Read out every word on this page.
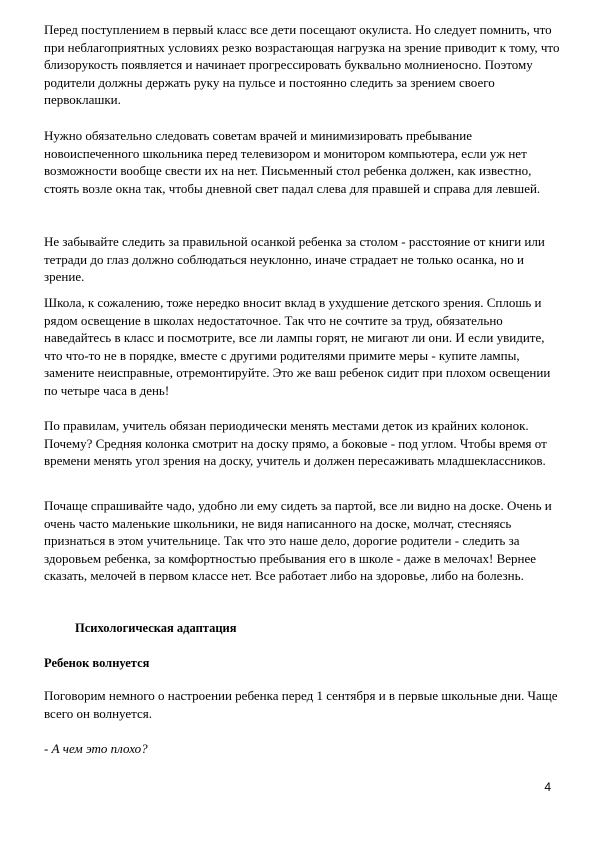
Перед поступлением в первый класс все дети посещают окулиста. Но следует помнить, что при неблагоприятных условиях резко возрастающая нагрузка на зрение приводит к тому, что близорукость появляется и начинает прогрессировать буквально молниеносно. Поэтому родители должны держать руку на пульсе и постоянно следить за зрением своего первоклашки.

Нужно обязательно следовать советам врачей и минимизировать пребывание новоиспеченного школьника перед телевизором и монитором компьютера, если уж нет возможности вообще свести их на нет. Письменный стол ребенка должен, как известно, стоять возле окна так, чтобы дневной свет падал слева для правшей и справа для левшей.

Не забывайте следить за правильной осанкой ребенка за столом - расстояние от книги или тетради до глаз должно соблюдаться неуклонно, иначе страдает не только осанка, но и зрение.

Школа, к сожалению, тоже нередко вносит вклад в ухудшение детского зрения. Сплошь и рядом освещение в школах недостаточное. Так что не сочтите за труд, обязательно наведайтесь в класс и посмотрите, все ли лампы горят, не мигают ли они. И если увидите, что что-то не в порядке, вместе с другими родителями примите меры - купите лампы, замените неисправные, отремонтируйте. Это же ваш ребенок сидит при плохом освещении по четыре часа в день!

По правилам, учитель обязан периодически менять местами деток из крайних колонок. Почему? Средняя колонка смотрит на доску прямо, а боковые - под углом. Чтобы время от времени менять угол зрения на доску, учитель и должен пересаживать младшеклассников.

Почаще спрашивайте чадо, удобно ли ему сидеть за партой, все ли видно на доске. Очень и очень часто маленькие школьники, не видя написанного на доске, молчат, стесняясь признаться в этом учительнице. Так что это наше дело, дорогие родители - следить за здоровьем ребенка, за комфортностью пребывания его в школе - даже в мелочах! Вернее сказать, мелочей в первом классе нет. Все работает либо на здоровье, либо на болезнь.

Психологическая адаптация
Ребенок волнуется

Поговорим немного о настроении ребенка перед 1 сентября и в первые школьные дни. Чаще всего он волнуется.

- А чем это плохо?

4
